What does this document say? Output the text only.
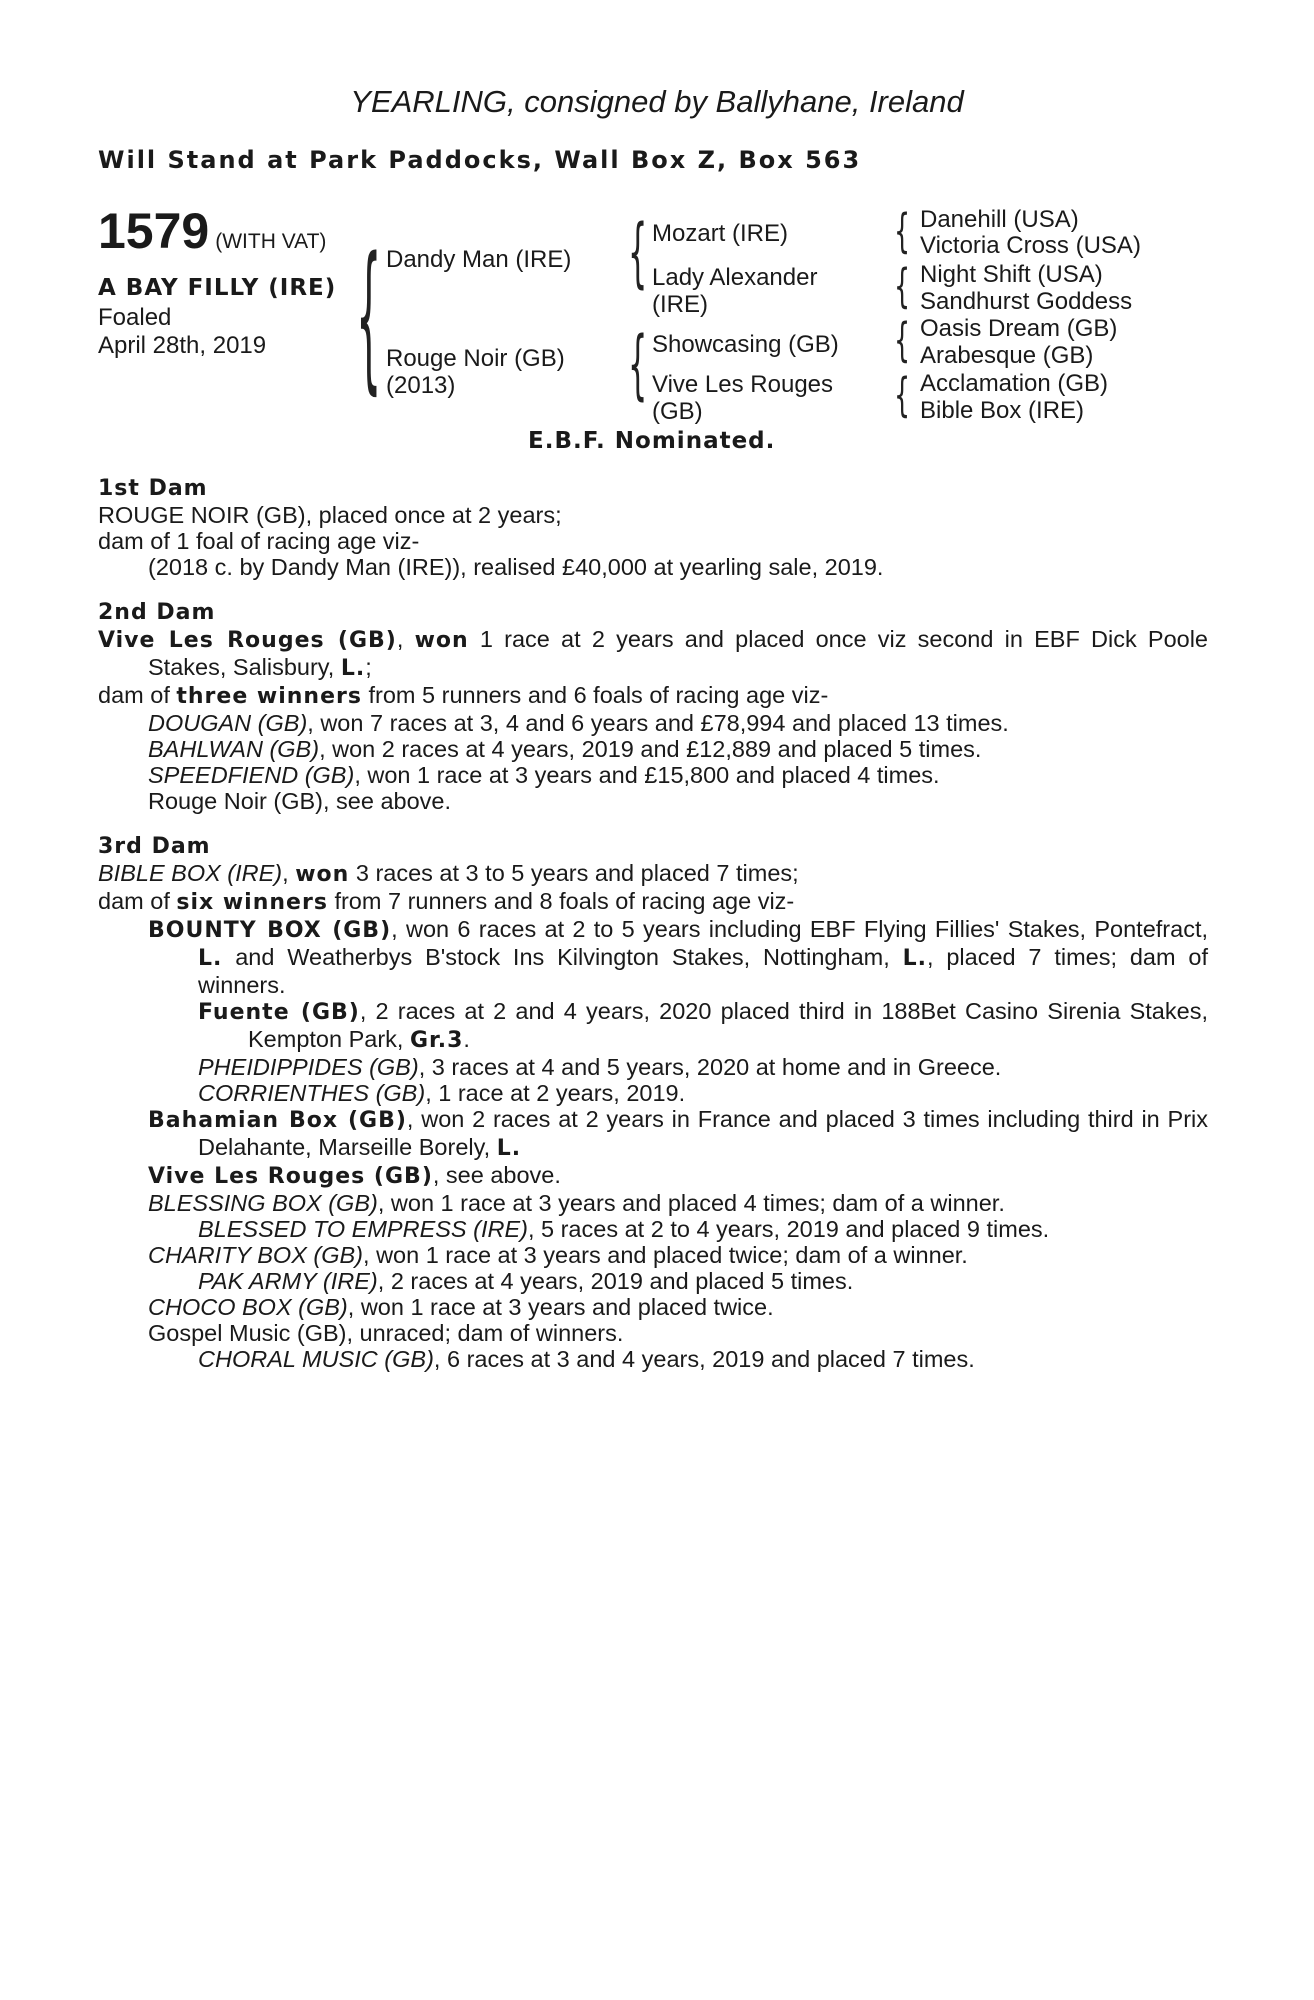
YEARLING, consigned by Ballyhane, Ireland
Will Stand at Park Paddocks, Wall Box Z, Box 563
1579 (WITH VAT)
A BAY FILLY (IRE)
Foaled
April 28th, 2019 {	{
{
{
{
{
{
Dandy Man (IRE)
Rouge Noir (GB)
(2013)
Mozart (IRE)
Lady Alexander
(IRE)
Showcasing (GB)
Vive Les Rouges
(GB)
Danehill (USA)
Victoria Cross (USA)
Night Shift (USA)
Sandhurst Goddess
Oasis Dream (GB)
Arabesque (GB)
Acclamation (GB)
Bible Box (IRE)
E.B.F. Nominated.
1st Dam
ROUGE NOIR (GB), placed once at 2 years;
dam of 1 foal of racing age viz-
(2018 c. by Dandy Man (IRE)), realised £40,000 at yearling sale, 2019.
2nd Dam
Vive Les Rouges (GB), won 1 race at 2 years and placed once viz second in EBF Dick Poole Stakes, Salisbury, L.;
dam of three winners from 5 runners and 6 foals of racing age viz-
DOUGAN (GB), won 7 races at 3, 4 and 6 years and £78,994 and placed 13 times.
BAHLWAN (GB), won 2 races at 4 years, 2019 and £12,889 and placed 5 times.
SPEEDFIEND (GB), won 1 race at 3 years and £15,800 and placed 4 times.
Rouge Noir (GB), see above.
3rd Dam
BIBLE BOX (IRE), won 3 races at 3 to 5 years and placed 7 times;
dam of six winners from 7 runners and 8 foals of racing age viz-
BOUNTY BOX (GB), won 6 races at 2 to 5 years including EBF Flying Fillies' Stakes, Pontefract, L. and Weatherbys B'stock Ins Kilvington Stakes, Nottingham, L., placed 7 times; dam of winners.
Fuente (GB), 2 races at 2 and 4 years, 2020 placed third in 188Bet Casino Sirenia Stakes, Kempton Park, Gr.3.
PHEIDIPPIDES (GB), 3 races at 4 and 5 years, 2020 at home and in Greece.
CORRIENTHES (GB), 1 race at 2 years, 2019.
Bahamian Box (GB), won 2 races at 2 years in France and placed 3 times including third in Prix Delahante, Marseille Borely, L.
Vive Les Rouges (GB), see above.
BLESSING BOX (GB), won 1 race at 3 years and placed 4 times; dam of a winner.
BLESSED TO EMPRESS (IRE), 5 races at 2 to 4 years, 2019 and placed 9 times.
CHARITY BOX (GB), won 1 race at 3 years and placed twice; dam of a winner.
PAK ARMY (IRE), 2 races at 4 years, 2019 and placed 5 times.
CHOCO BOX (GB), won 1 race at 3 years and placed twice.
Gospel Music (GB), unraced; dam of winners.
CHORAL MUSIC (GB), 6 races at 3 and 4 years, 2019 and placed 7 times.
